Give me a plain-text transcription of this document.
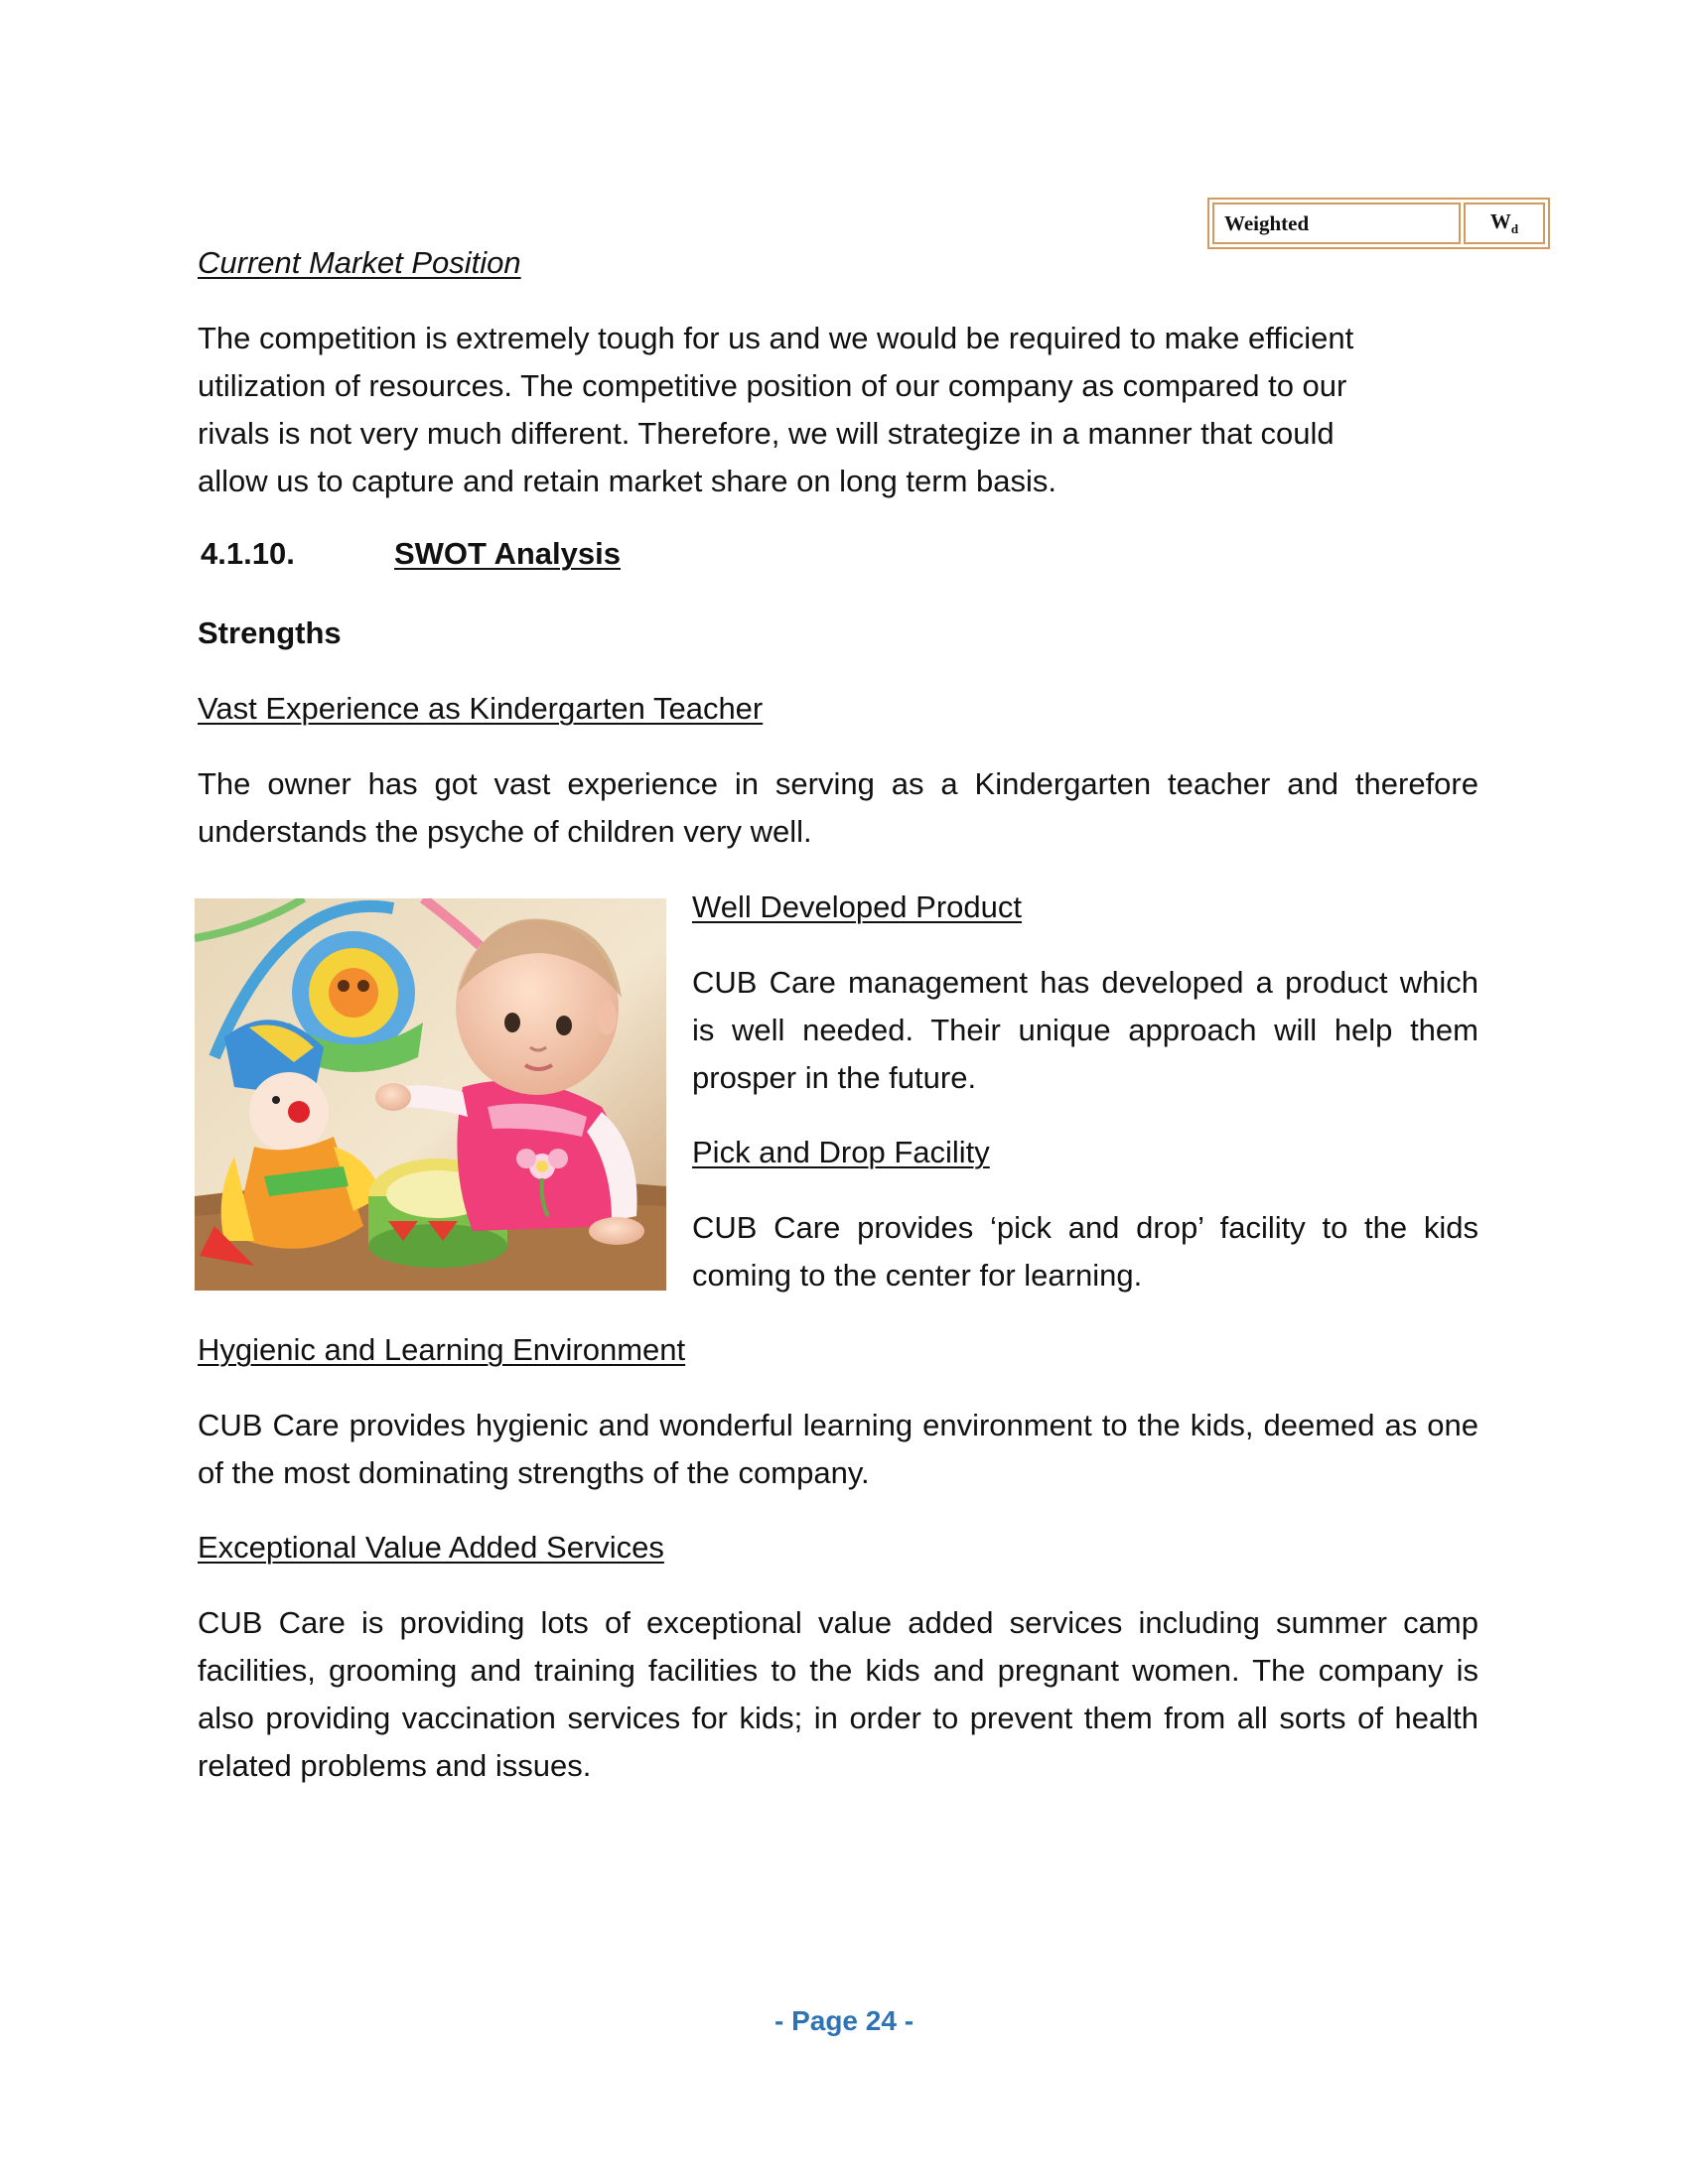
Weighted	$W_d$

Current Market Position

The competition is extremely tough for us and we would be required to make efficient
utilization of resources. The competitive position of our company as compared to our
rivals is not very much different. Therefore, we will strategize in a manner that could
allow us to capture and retain market share on long term basis.
4.1.10.	SWOT Analysis

Strengths

Vast Experience as Kindergarten Teacher

The owner has got vast experience in serving as a Kindergarten teacher and therefore understands the psyche of children very well.

Well Developed Product

CUB Care management has developed a product which is well needed. Their unique approach will help them prosper in the future.

Pick and Drop Facility

CUB Care provides ‘pick and drop’ facility to the kids coming to the center for learning.

Hygienic and Learning Environment

CUB Care provides hygienic and wonderful learning environment to the kids, deemed as one of the most dominating strengths of the company.

Exceptional Value Added Services

CUB Care is providing lots of exceptional value added services including summer camp facilities, grooming and training facilities to the kids and pregnant women. The company is also providing vaccination services for kids; in order to prevent them from all sorts of health related problems and issues.

- Page 24 -
